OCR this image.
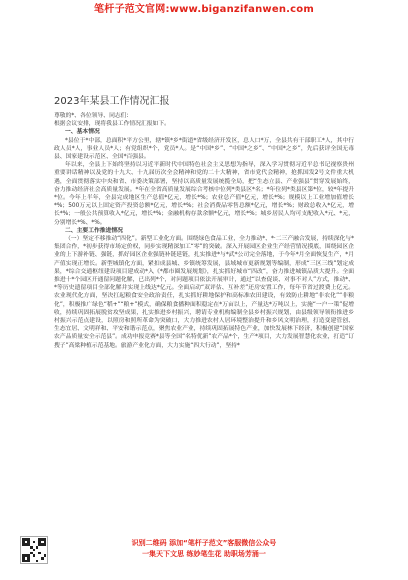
笔杆子范文官网:www.biganzifanwen.com
2023年某县工作情况汇报

尊敬的*、各位领导、同志们:

根据会议安排，现将我县工作情况汇报如下。

一、基本情况

*县位于*中部，总面积*平方公里，辖*镇*乡*街道*省级经济开发区，总人口*万，全县共有干部职工*人，其中行政人员*人，事业人员*人；有党组织*个，党员*人。是“中国*乡”、“中国*之乡”、“中国*之乡”，先后获评全国无毒县、国家建设示范区、全国*百强县。

年以来，全县上下始终坚持以习近平新时代中国特色社会主义思想为指导，深入学习贯彻习近平总书记视察贵州重要讲话精神以及党的十九大、十九届历次全会精神和党的二十大精神，省市党代会精神，抢抓国发2号文件重大机遇，全面贯彻落实中央和省、市委决策部署，坚持以高质量发展统揽全局，把“生态立县、产业强县”贯穿发展始终，奋力推动经济社会高质量发展。*年在全省高质量发展综合考核中位列*类县区*名；*年位列*类县区第*位，较*年提升*位。今年上半年，全县完成地区生产总值*亿元，增长*%；农业总产值*亿元，增长*%；规模以上工业增加值增长*%；500万元以上固定资产投资总额*亿元，增长*%；社会消费品零售总额*亿元，增长*%；财政总收入*亿元，增长*%；一般公共预算收入*亿元，增长*%；金融机构存款余额*亿元，增长*%；城乡居民人均可支配收入*元、*元，分别增长*%、*%。

二、主要工作推进情况

（一）坚定不移推动“四化”。新型工业化方面。围绕绿色食品工业，全力推动*、*·二三产融合发展，持续深化与*集团合作，*初步获得市场定价权，同步实现精深加工“零”的突破。深入开展园区企业生产经营情况摸底，围绕园区企业的上下游补链、强链，抓好园区企业强链补链延链，扎实推进*与*武*公司完全落地，于今年*月全面恢复生产，*月产值实现正增长。新型城镇化方面，紧扣成县城、乡镇统筹发展，县域城市更新规划等编制，形成“三区三线”划定成果，*综合交通枢纽建设项目建成动*入《*都市圈发展规划》，扎实抓好城市“四改”，奋力推进城镇品质大提升。全面推进十*个园区开通留问题化解，已出列*个，对问题项目依法开展审计，通过“以查促谈、对事不对人”方式，推动*、*等历史遗留项目全部化解并实现上线达*亿元。全面启动“双评估、互补差”还房安置工作，每年节省过渡费上亿元。农业现代化方面，坚决扛起粮食安全政治责任，扎实抓好耕地保护和高标准农田建设，有效防止耕地“非农化”“非粮化”，积极推广绿色“稻+”“粮+”模式，确保粮食播种面积稳定在*万亩以上，产量达*万吨以上，实施“一户一策”促增收，持续巩固拓展脱贫攻坚成果，扎实推进乡村振兴，聘请专业机构编制全县乡村振兴规划，由县级领导领衔推进乡村振兴示范点建设，以照房和照所革命为突破口，大力推进农村人居环境整治提升和乡风文明治理，打造变建管创、生态宜居、文明祥和、平安和谐示范点，聚焦农业产业，持续巩固拓展特色产业，加快发展林下经济，积极创建“国家农产品质量安全示范县”。成功申报竞赛*县等全国“名特优新”农产品*个，生产*项目，大力发展智慧化农业，打造“订搜子”高梁种植示范基地。旅游产业化方面，大力实施“四大行动”，坚持*

识别二维码 添加“笔杆子范文”客服微信公众号
一集天下文思 练妙笔生花 助职场芳涌一
